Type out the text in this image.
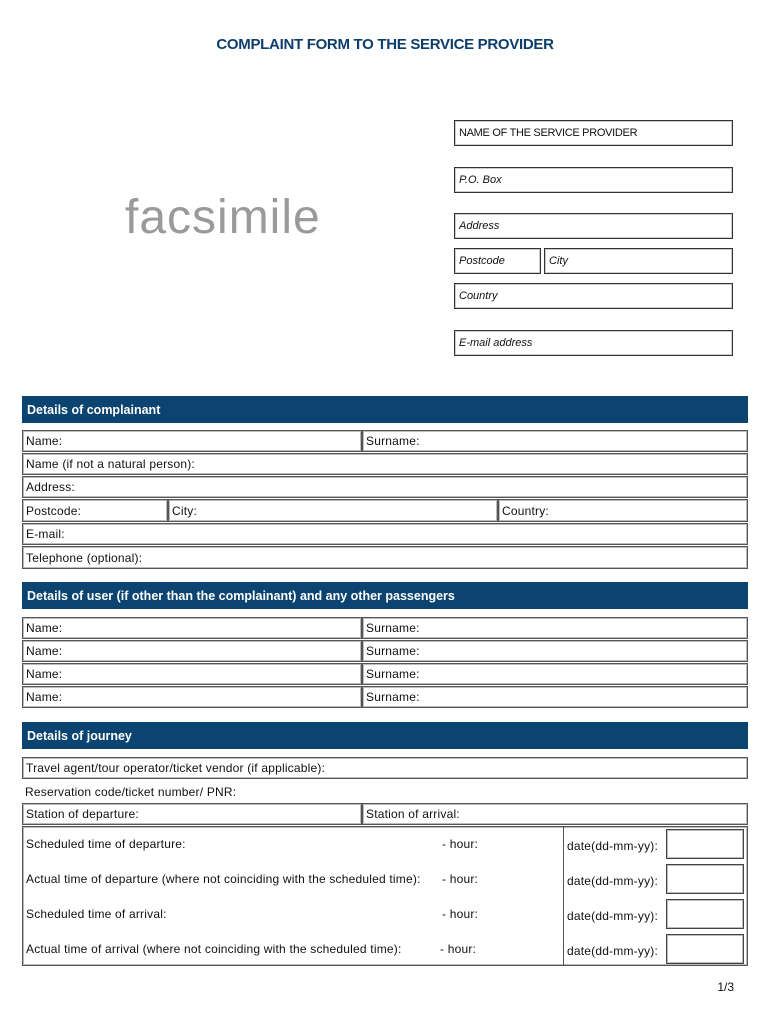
COMPLAINT FORM TO THE SERVICE PROVIDER
facsimile
NAME OF THE SERVICE PROVIDER
P.O. Box
Address
Postcode	City
Country
E-mail address
Details of complainant
Name:	Surname:
Name (if not a natural person):
Address:
Postcode:	City:	Country:
E-mail:
Telephone (optional):
Details of user (if other than the complainant) and any other passengers
Name:	Surname:
Name:	Surname:
Name:	Surname:
Name:	Surname:
Details of journey
Travel agent/tour operator/ticket vendor (if applicable):
Reservation code/ticket number/ PNR:
Station of departure:	Station of arrival:
Scheduled time of departure:	- hour:	date(dd-mm-yy):
Actual time of departure (where not coinciding with the scheduled time):	- hour:	date(dd-mm-yy):
Scheduled time of arrival:	- hour:	date(dd-mm-yy):
Actual time of arrival (where not coinciding with the scheduled time):	- hour:	date(dd-mm-yy):
1/3
